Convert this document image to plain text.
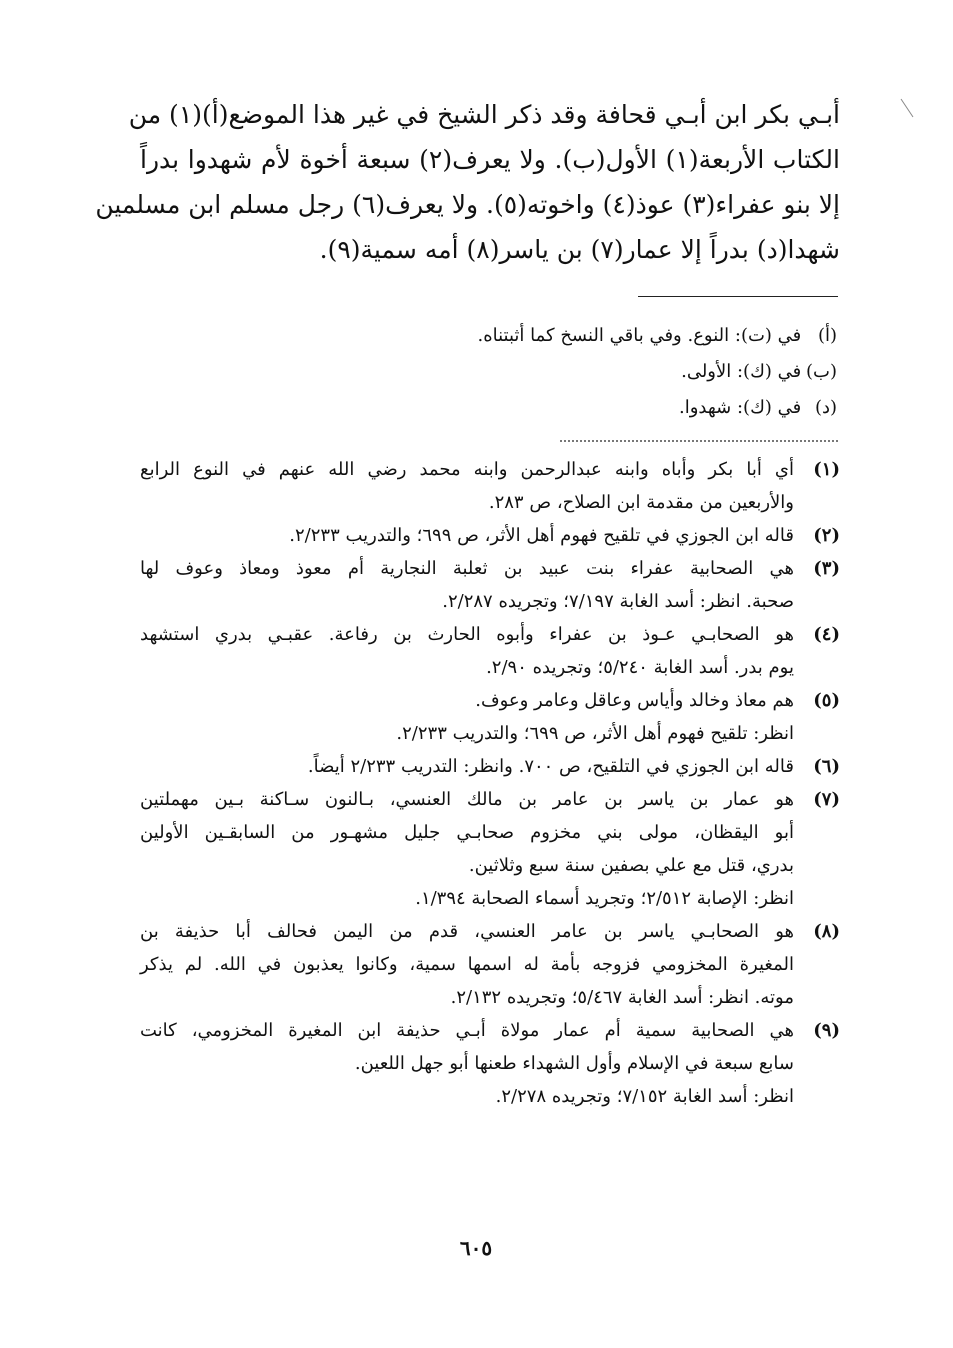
أبـي بكر ابن أبـي قحافة وقد ذكر الشيخ في غير هذا الموضع(أ)(١) من
الكتاب الأربعة(١) الأول(ب). ولا يعرف(٢) سبعة أخوة لأم شهدوا بدراً
إلا بنو عفراء(٣) عوذ(٤) واخوته(٥). ولا يعرف(٦) رجل مسلم ابن مسلمين
شهدا(د) بدراً إلا عمار(٧) بن ياسر(٨) أمه سمية(٩).
(أ) في (ت): النوع. وفي باقي النسخ كما أثبتناه.
(ب) في (ك): الأولى.
(د) في (ك): شهدوا.
(١)
أي أبا بكر وأباه وابنه عبدالرحمن وابنه محمد رضي الله عنهم في النوع الرابع
والأربعين من مقدمة ابن الصلاح، ص ٢٨٣.
(٢)
قاله ابن الجوزي في تلقيح فهوم أهل الأثر، ص ٦٩٩؛ والتدريب ٢/٢٣٣.
(٣)
هي الصحابية عفراء بنت عبيد بن ثعلبة النجارية أم معوذ ومعاذ وعوف لها
صحبة. انظر: أسد الغابة ٧/١٩٧؛ وتجريده ٢/٢٨٧.
(٤)
هو الصحابـي عـوذ بن عفراء وأبوه الحارث بن رفاعة. عقبـي بدري استشهد
يوم بدر. أسد الغابة ٥/٢٤٠؛ وتجريده ٢/٩٠.
(٥)
هم معاذ وخالد وأياس وعاقل وعامر وعوف.
انظر: تلقيح فهوم أهل الأثر، ص ٦٩٩؛ والتدريب ٢/٢٣٣.
(٦)
قاله ابن الجوزي في التلقيح، ص ٧٠٠. وانظر: التدريب ٢/٢٣٣ أيضاً.
(٧)
هو عمار بن ياسر بن عامر بن مالك العنسي، بـالنون سـاكنة بـين مهملتين
أبو اليقظان، مولى بني مخزوم صحابـي جليل مشهـور من السابقـين الأولين
بدري، قتل مع علي بصفين سنة سبع وثلاثين.
انظر: الإصابة ٢/٥١٢؛ وتجريد أسماء الصحابة ١/٣٩٤.
(٨)
هو الصحابـي ياسر بن عامر العنسي، قدم من اليمن فحالف أبا حذيفة بن
المغيرة المخزومي فزوجه بأمة له اسمها سمية، وكانوا يعذبون في الله. لم يذكر
موته. انظر: أسد الغابة ٥/٤٦٧؛ وتجريده ٢/١٣٢.
(٩)
هي الصحابية سمية أم عمار مولاة أبـي حذيفة ابن المغيرة المخزومي، كانت
سابع سبعة في الإسلام وأول الشهداء طعنها أبو جهل اللعين.
انظر: أسد الغابة ٧/١٥٢؛ وتجريده ٢/٢٧٨.
٦٠٥
